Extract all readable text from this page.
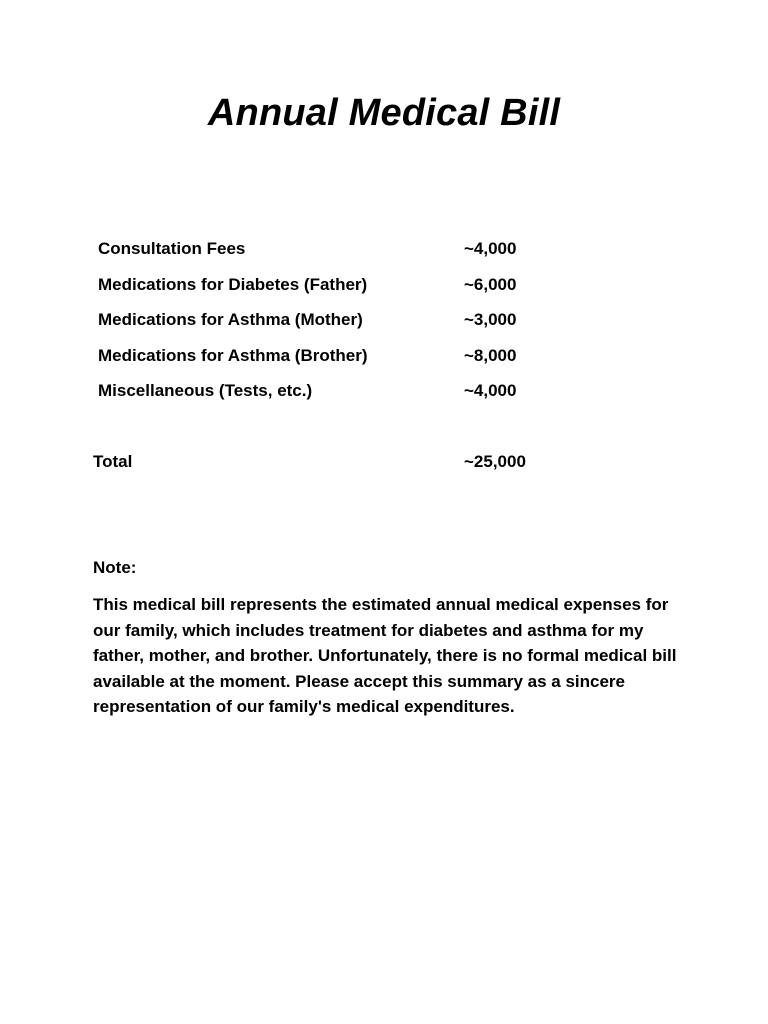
Annual Medical Bill
Consultation Fees	~4,000
Medications for Diabetes (Father)	~6,000
Medications for Asthma (Mother)	~3,000
Medications for Asthma (Brother)	~8,000
Miscellaneous (Tests, etc.)	~4,000
Total	~25,000

Note:

This medical bill represents the estimated annual medical expenses for our family, which includes treatment for diabetes and asthma for my father, mother, and brother. Unfortunately, there is no formal medical bill available at the moment. Please accept this summary as a sincere representation of our family's medical expenditures.
